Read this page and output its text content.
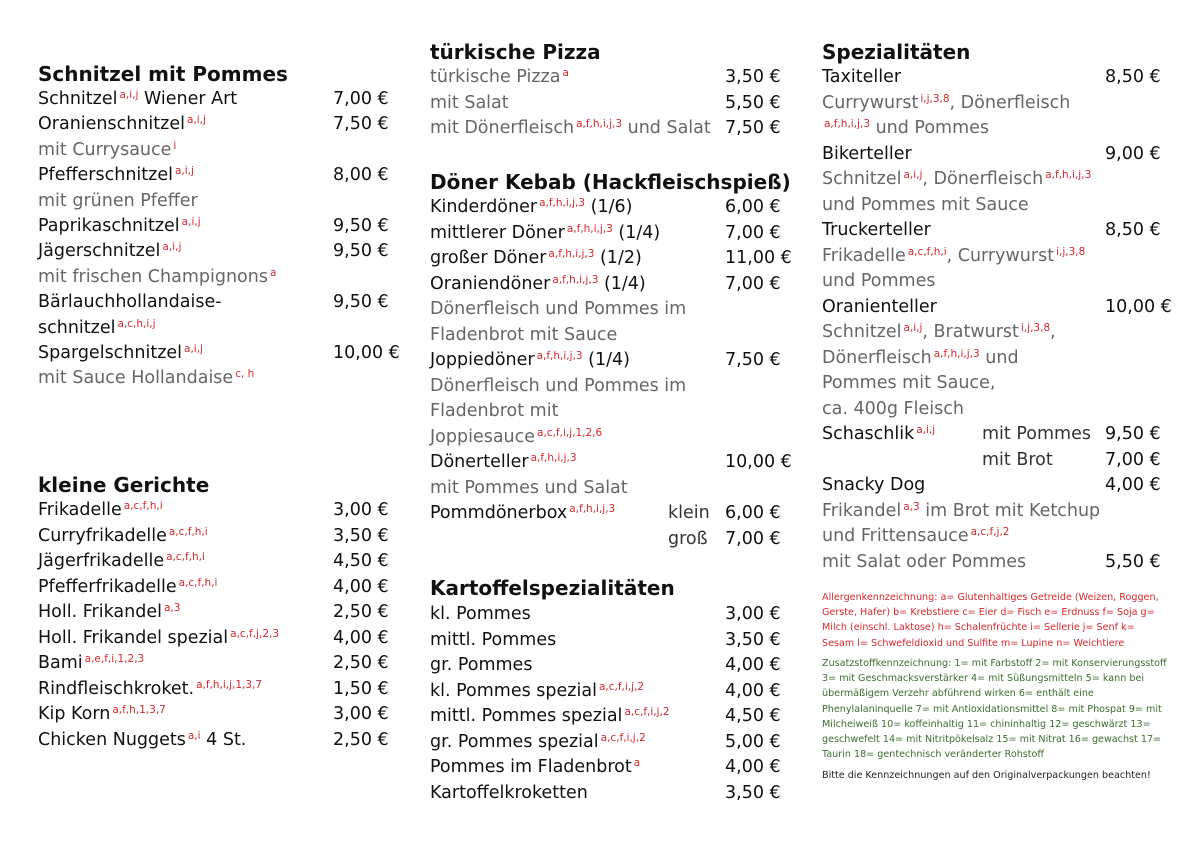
Schnitzel mit Pommes
Schnitzel $^{a,i,j}$ Wiener Art	7,00 €
Oranienschnitzel $^{a,i,j}$	7,50 €
mit Currysauce $^i$
Pfefferschnitzel $^{a,i,j}$	8,00 €
mit grünen Pfeffer
Paprikaschnitzel $^{a,i,j}$	9,50 €
Jägerschnitzel $^{a,i,j}$	9,50 €
mit frischen Champignons $^a$
Bärlauchhollandaise-	9,50 €
schnitzel $^{a,c,h,i,j}$
Spargelschnitzel $^{a,i,j}$	10,00 €
mit Sauce Hollandaise $^{c, h}$
kleine Gerichte
Frikadelle $^{a,c,f,h,i}$	3,00 €
Curryfrikadelle $^{a,c,f,h,i}$	3,50 €
Jägerfrikadelle $^{a,c,f,h,i}$	4,50 €
Pfefferfrikadelle $^{a,c,f,h,i}$	4,00 €
Holl. Frikandel $^{a,3}$	2,50 €
Holl. Frikandel spezial $^{a,c,f,j,2,3}$	4,00 €
Bami $^{a,e,f,i,1,2,3}$	2,50 €
Rindfleischkroket. $^{a,f,h,i,j,1,3,7}$	1,50 €
Kip Korn $^{a,f,h,1,3,7}$	3,00 €
Chicken Nuggets $^{a,i}$ 4 St.	2,50 €
türkische Pizza
türkische Pizza $^a$	3,50 €
mit Salat	5,50 €
mit Dönerfleisch $^{a,f,h,i,j,3}$ und Salat 7,50 €
Döner Kebab (Hackfleischspieß)
Kinderdöner $^{a,f,h,i,j,3}$ (1/6)	6,00 €
mittlerer Döner $^{a,f,h,i,j,3}$ (1/4)	7,00 €
großer Döner $^{a,f,h,i,j,3}$ (1/2)	11,00 €
Oraniendöner $^{a,f,h,i,j,3}$ (1/4)	7,00 €
Dönerfleisch und Pommes im
Fladenbrot mit Sauce
Joppiedöner $^{a,f,h,i,j,3}$ (1/4)	7,50 €
Dönerfleisch und Pommes im
Fladenbrot mit
Joppiesauce $^{a,c,f,i,j,1,2,6}$
Dönerteller $^{a,f,h,i,j,3}$	10,00 €
mit Pommes und Salat
Pommdönerbox $^{a,f,h,i,j,3}$	klein 6,00 €
groß 7,00 €
Kartoffelspezialitäten
kl. Pommes	3,00 €
mittl. Pommes	3,50 €
gr. Pommes	4,00 €
kl. Pommes spezial $^{a,c,f,i,j,2}$	4,00 €
mittl. Pommes spezial $^{a,c,f,i,j,2}$	4,50 €
gr. Pommes spezial $^{a,c,f,i,j,2}$	5,00 €
Pommes im Fladenbrot $^a$	4,00 €
Kartoffelkroketten	3,50 €
Spezialitäten
Taxiteller	8,50 €
Currywurst $^{i,j,3,8}$, Dönerfleisch
$^{a,f,h,i,j,3}$ und Pommes
Bikerteller	9,00 €
Schnitzel $^{a,i,j}$, Dönerfleisch $^{a,f,h,i,j,3}$
und Pommes mit Sauce
Truckerteller	8,50 €
Frikadelle $^{a,c,f,h,i}$, Currywurst $^{i,j,3,8}$
und Pommes
Oranienteller	10,00 €
Schnitzel $^{a,i,j}$, Bratwurst $^{i,j,3,8}$,
Dönerfleisch $^{a,f,h,i,j,3}$ und
Pommes mit Sauce,
ca. 400g Fleisch
Schaschlik $^{a,i,j}$	mit Pommes 9,50 €
mit Brot	7,00 €
Snacky Dog	4,00 €
Frikandel $^{a,3}$ im Brot mit Ketchup
und Frittensauce $^{a,c,f,j,2}$
mit Salat oder Pommes	5,50 €
Allergenkennzeichnung: a= Glutenhaltiges Getreide (Weizen, Roggen, Gerste, Hafer) b= Krebstiere c= Eier d= Fisch e= Erdnuss f= Soja g= Milch (einschl. Laktose) h= Schalenfrüchte i= Sellerie j= Senf k= Sesam l= Schwefeldioxid und Sulfite m= Lupine n= Weichtiere
Zusatzstoffkennzeichnung: 1= mit Farbstoff 2= mit Konservierungsstoff 3= mit Geschmacksverstärker 4= mit Süßungsmitteln 5= kann bei übermäßigem Verzehr abführend wirken 6= enthält eine Phenylalaninquelle 7= mit Antioxidationsmittel 8= mit Phospat 9= mit Milcheiweiß 10= koffeinhaltig 11= chininhaltig 12= geschwärzt 13= geschwefelt 14= mit Nitritpökelsalz 15= mit Nitrat 16= gewachst 17= Taurin 18= gentechnisch veränderter Rohstoff
Bitte die Kennzeichnungen auf den Originalverpackungen beachten!
